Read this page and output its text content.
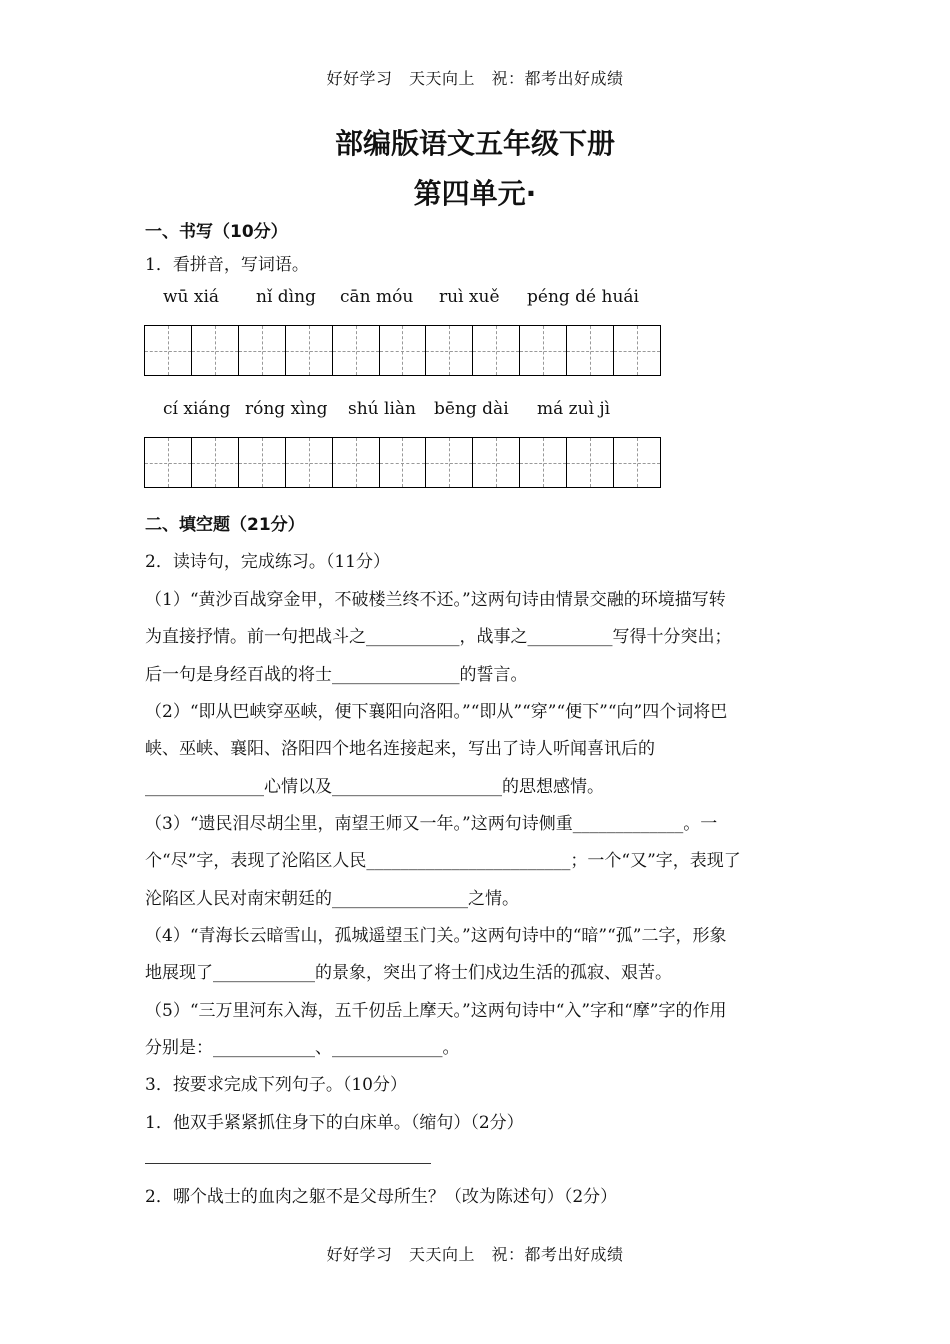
好好学习　天天向上　祝：都考出好成绩
部编版语文五年级下册
第四单元·
一、书写（10分）
1．看拼音，写词语。
wū xiá nǐ dìng cān móu ruì xuě péng dé huái
cí xiáng róng xìng shú liàn bēng dài má zuì jì
二、填空题（21分）
2．读诗句，完成练习。（11分）
（1）“黄沙百战穿金甲，不破楼兰终不还。”这两句诗由情景交融的环境描写转
为直接抒情。前一句把战斗之___________，战事之__________写得十分突出；
后一句是身经百战的将士_______________的誓言。
（2）“即从巴峡穿巫峡，便下襄阳向洛阳。”“即从”“穿”“便下”“向”四个词将巴
峡、巫峡、襄阳、洛阳四个地名连接起来，写出了诗人听闻喜讯后的
______________心情以及____________________的思想感情。
（3）“遗民泪尽胡尘里，南望王师又一年。”这两句诗侧重_____________。一
个“尽”字，表现了沦陷区人民________________________；一个“又”字，表现了
沦陷区人民对南宋朝廷的________________之情。
（4）“青海长云暗雪山，孤城遥望玉门关。”这两句诗中的“暗”“孤”二字，形象
地展现了____________的景象，突出了将士们戍边生活的孤寂、艰苦。
（5）“三万里河东入海，五千仞岳上摩天。”这两句诗中“入”字和“摩”字的作用
分别是：____________、_____________。
3．按要求完成下列句子。（10分）
1．他双手紧紧抓住身下的白床单。（缩句）（2分）
2．哪个战士的血肉之躯不是父母所生？（改为陈述句）（2分）
好好学习　天天向上　祝：都考出好成绩
